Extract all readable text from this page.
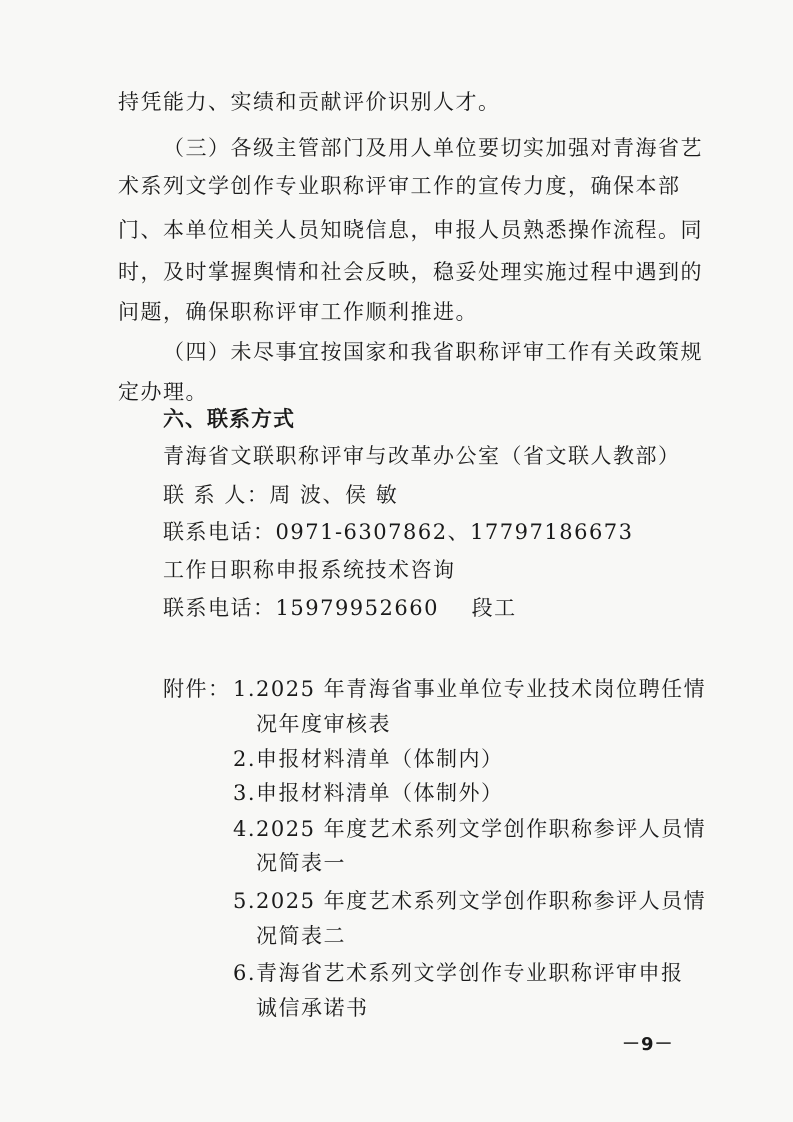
持凭能力、实绩和贡献评价识别人才。
（三）各级主管部门及用人单位要切实加强对青海省艺
术系列文学创作专业职称评审工作的宣传力度，确保本部
门、本单位相关人员知晓信息，申报人员熟悉操作流程。同
时，及时掌握舆情和社会反映，稳妥处理实施过程中遇到的
问题，确保职称评审工作顺利推进。
（四）未尽事宜按国家和我省职称评审工作有关政策规
定办理。
六、联系方式
青海省文联职称评审与改革办公室（省文联人教部）
联 系 人：周 波、侯 敏
联系电话：0971-6307862、17797186673
工作日职称申报系统技术咨询
联系电话：15979952660    段工
附件：
－9－
1.2025 年青海省事业单位专业技术岗位聘任情
况年度审核表
2.申报材料清单（体制内）
3.申报材料清单（体制外）
4.2025 年度艺术系列文学创作职称参评人员情
况简表一
5.2025 年度艺术系列文学创作职称参评人员情
况简表二
6.青海省艺术系列文学创作专业职称评审申报
诚信承诺书
